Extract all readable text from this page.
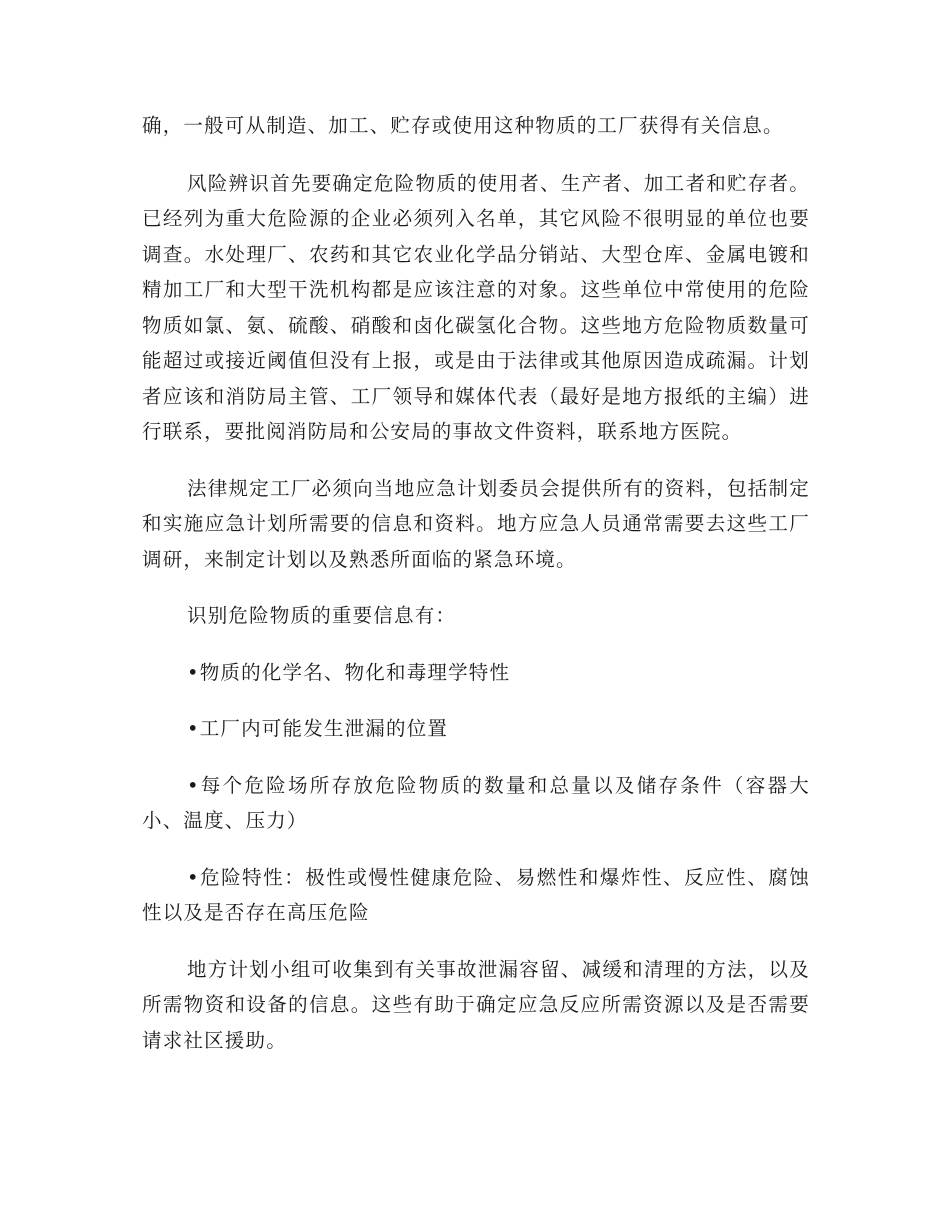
确，一般可从制造、加工、贮存或使用这种物质的工厂获得有关信息。

风险辨识首先要确定危险物质的使用者、生产者、加工者和贮存者。已经列为重大危险源的企业必须列入名单，其它风险不很明显的单位也要调查。水处理厂、农药和其它农业化学品分销站、大型仓库、金属电镀和精加工厂和大型干洗机构都是应该注意的对象。这些单位中常使用的危险物质如氯、氨、硫酸、硝酸和卤化碳氢化合物。这些地方危险物质数量可能超过或接近阈值但没有上报，或是由于法律或其他原因造成疏漏。计划者应该和消防局主管、工厂领导和媒体代表（最好是地方报纸的主编）进行联系，要批阅消防局和公安局的事故文件资料，联系地方医院。

法律规定工厂必须向当地应急计划委员会提供所有的资料，包括制定和实施应急计划所需要的信息和资料。地方应急人员通常需要去这些工厂调研，来制定计划以及熟悉所面临的紧急环境。

识别危险物质的重要信息有：

•物质的化学名、物化和毒理学特性

•工厂内可能发生泄漏的位置

•每个危险场所存放危险物质的数量和总量以及储存条件（容器大小、温度、压力）

•危险特性：极性或慢性健康危险、易燃性和爆炸性、反应性、腐蚀性以及是否存在高压危险

地方计划小组可收集到有关事故泄漏容留、减缓和清理的方法，以及所需物资和设备的信息。这些有助于确定应急反应所需资源以及是否需要请求社区援助。
